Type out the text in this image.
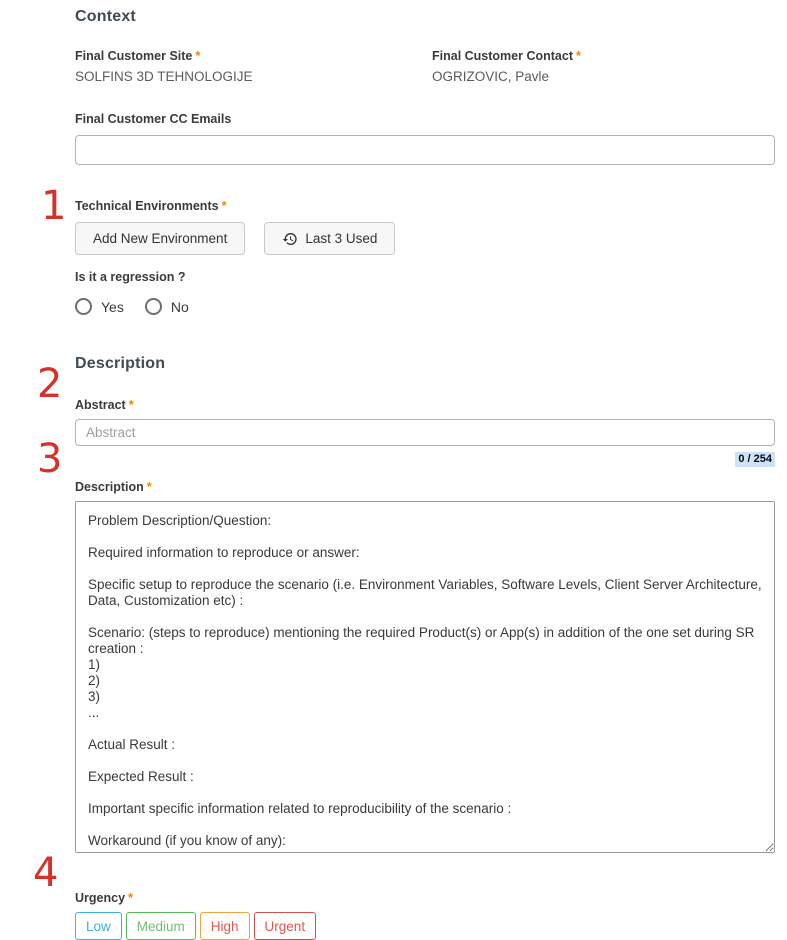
1
2
3
4
Context
Final Customer Site *
SOLFINS 3D TEHNOLOGIJE
Final Customer Contact *
OGRIZOVIC, Pavle
Final Customer CC Emails
Technical Environments *
Add New Environment	Last 3 Used
Is it a regression ?
Yes	No
Description
Abstract *
Abstract
0 / 254
Description *
Problem Description/Question: Required information to reproduce or answer: Specific setup to reproduce the scenario (i.e. Environment Variables, Software Levels, Client Server Architecture, Data, Customization etc) : Scenario: (steps to reproduce) mentioning the required Product(s) or App(s) in addition of the one set during SR creation : 1) 2) 3) ... Actual Result : Expected Result : Important specific information related to reproducibility of the scenario : Workaround (if you know of any):
Urgency *
Low	Medium	High	Urgent
